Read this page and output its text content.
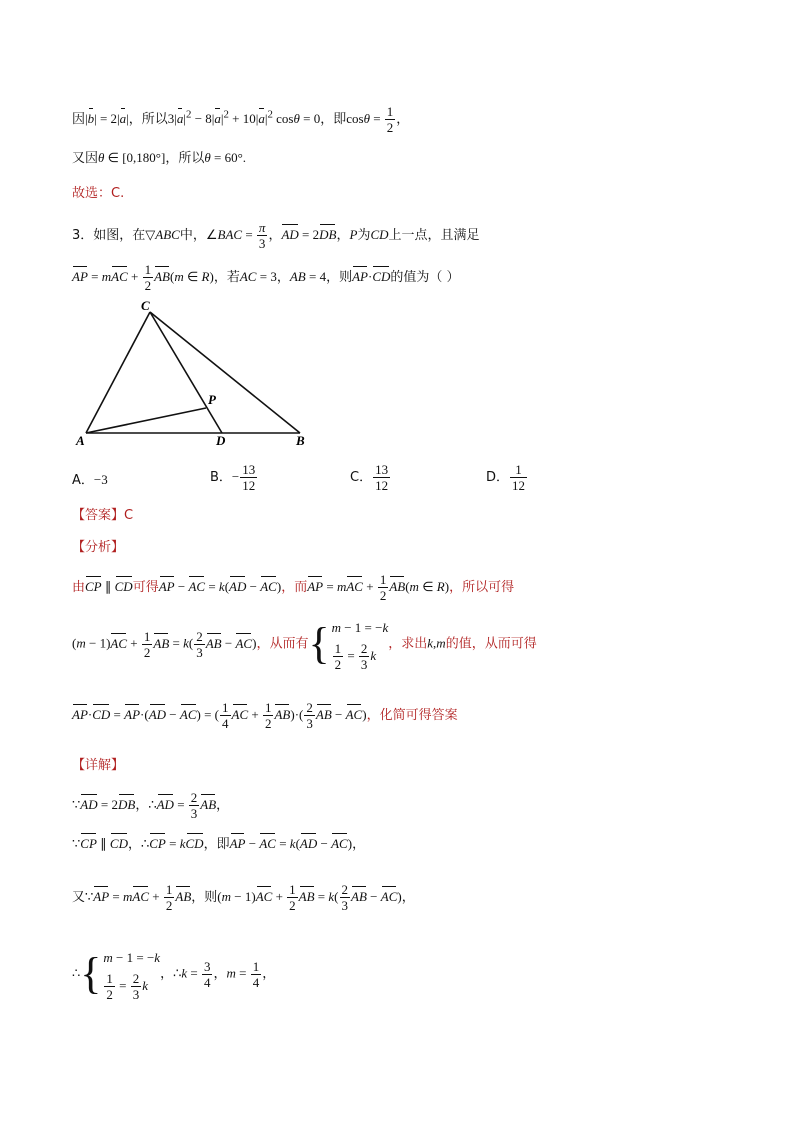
因|b| = 2|a|，所以$3|a|^2 - 8|a|^2 + 10|a|^2$ cosθ = 0，即$\cos\theta = \frac{1}{2}$ ，
又因θ ∈ [0,180°]，所以θ = 60°.
故选：C.
3．如图，在▽ABC中，∠BAC = $\frac{\pi}{3}$ ，AD = 2DB，P为CD上一点，且满足
AP = mAC + $\frac{1}{2} AB(m$ ∈ R)，若AC = 3，AB = 4，则AP·CD的值为（ ）
A	B
C
D
P
A．−3	B．− $\frac{13}{12}$	C． $\frac{13}{12}$	D． $\frac{1}{12}$
【答案】C
【分析】
由CP ∥ CD可得AP − AC = k(AD − AC)，而AP = mAC + $\frac{1}{2} AB(m$ ∈ R)，所以可得
$(m - 1)AC + \frac{1}{2}$ AB = $k( \frac{2}{3}$ AB − AC)，从而有{ m − 1 = −k
$\frac{1}{2} = \frac{2}{3}$ k
，求出k,m的值，从而可得
AP·CD = AP·(AD − AC) = ( $\frac{1}{4}$ AC + $\frac{1}{2} AB)\cdot( \frac{2}{3}$ AB − AC)，化简可得答案
【详解】
∵AD = 2DB，∴AD = $\frac{2}{3}$ AB，
∵CP ∥ CD，∴CP = kCD，即AP − AC = k(AD − AC)，
又∵AP = mAC + $\frac{1}{2}$ AB，则$(m - 1)AC + \frac{1}{2}$ AB = $k( \frac{2}{3}$ AB − AC)，
∴{ m − 1 = −k
$\frac{1}{2} = \frac{2}{3}$ k
，∴k = $\frac{3}{4}$ ，$m = \frac{1}{4}$ ，
